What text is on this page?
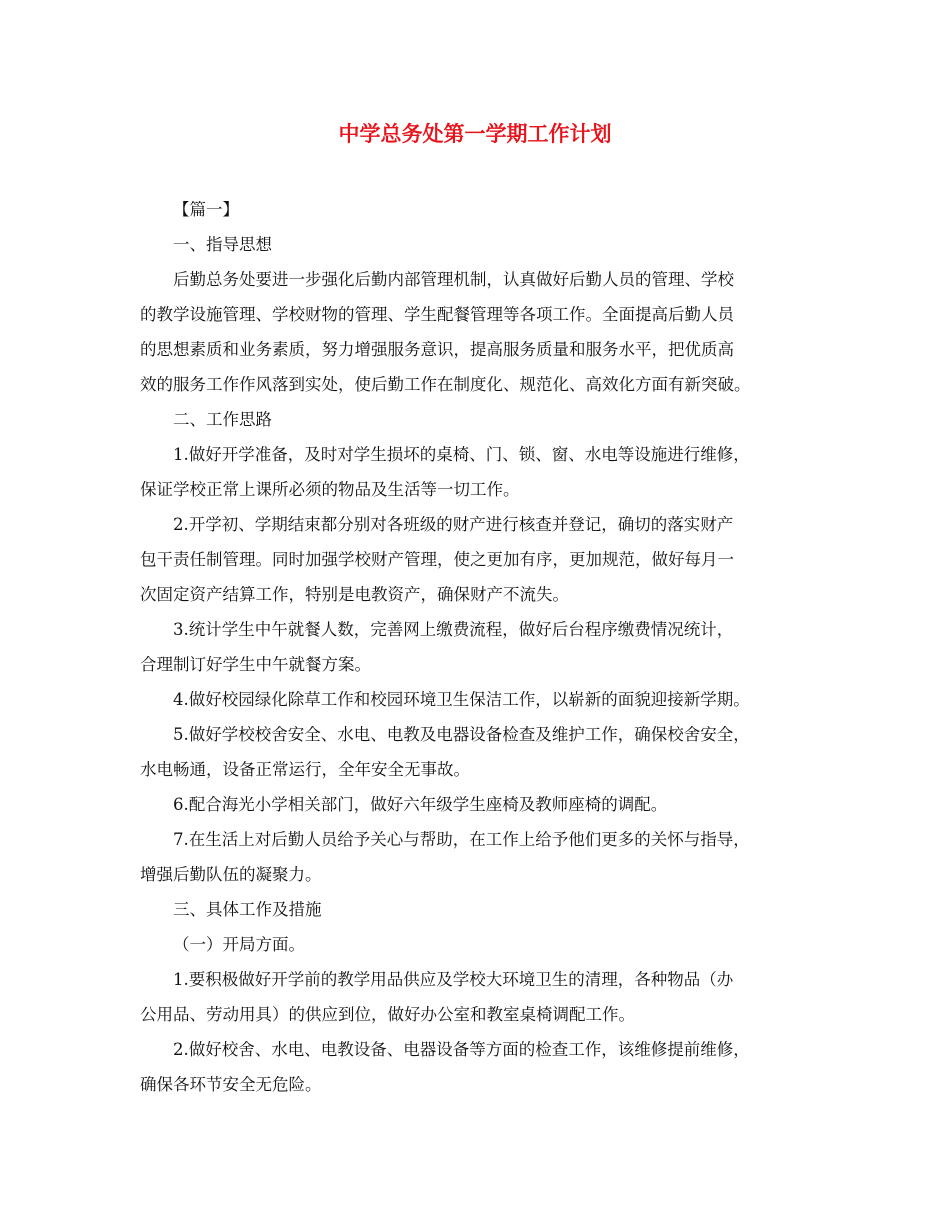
中学总务处第一学期工作计划
【篇一】
一、指导思想
后勤总务处要进一步强化后勤内部管理机制，认真做好后勤人员的管理、学校
的教学设施管理、学校财物的管理、学生配餐管理等各项工作。全面提高后勤人员
的思想素质和业务素质，努力增强服务意识，提高服务质量和服务水平，把优质高
效的服务工作作风落到实处，使后勤工作在制度化、规范化、高效化方面有新突破。
二、工作思路
1.做好开学准备，及时对学生损坏的桌椅、门、锁、窗、水电等设施进行维修，
保证学校正常上课所必须的物品及生活等一切工作。
2.开学初、学期结束都分别对各班级的财产进行核查并登记，确切的落实财产
包干责任制管理。同时加强学校财产管理，使之更加有序，更加规范，做好每月一
次固定资产结算工作，特别是电教资产，确保财产不流失。
3.统计学生中午就餐人数，完善网上缴费流程，做好后台程序缴费情况统计，
合理制订好学生中午就餐方案。
4.做好校园绿化除草工作和校园环境卫生保洁工作，以崭新的面貌迎接新学期。
5.做好学校校舍安全、水电、电教及电器设备检查及维护工作，确保校舍安全，
水电畅通，设备正常运行，全年安全无事故。
6.配合海光小学相关部门，做好六年级学生座椅及教师座椅的调配。
7.在生活上对后勤人员给予关心与帮助，在工作上给予他们更多的关怀与指导，
增强后勤队伍的凝聚力。
三、具体工作及措施
（一）开局方面。
1.要积极做好开学前的教学用品供应及学校大环境卫生的清理，各种物品（办
公用品、劳动用具）的供应到位，做好办公室和教室桌椅调配工作。
2.做好校舍、水电、电教设备、电器设备等方面的检查工作，该维修提前维修，
确保各环节安全无危险。
